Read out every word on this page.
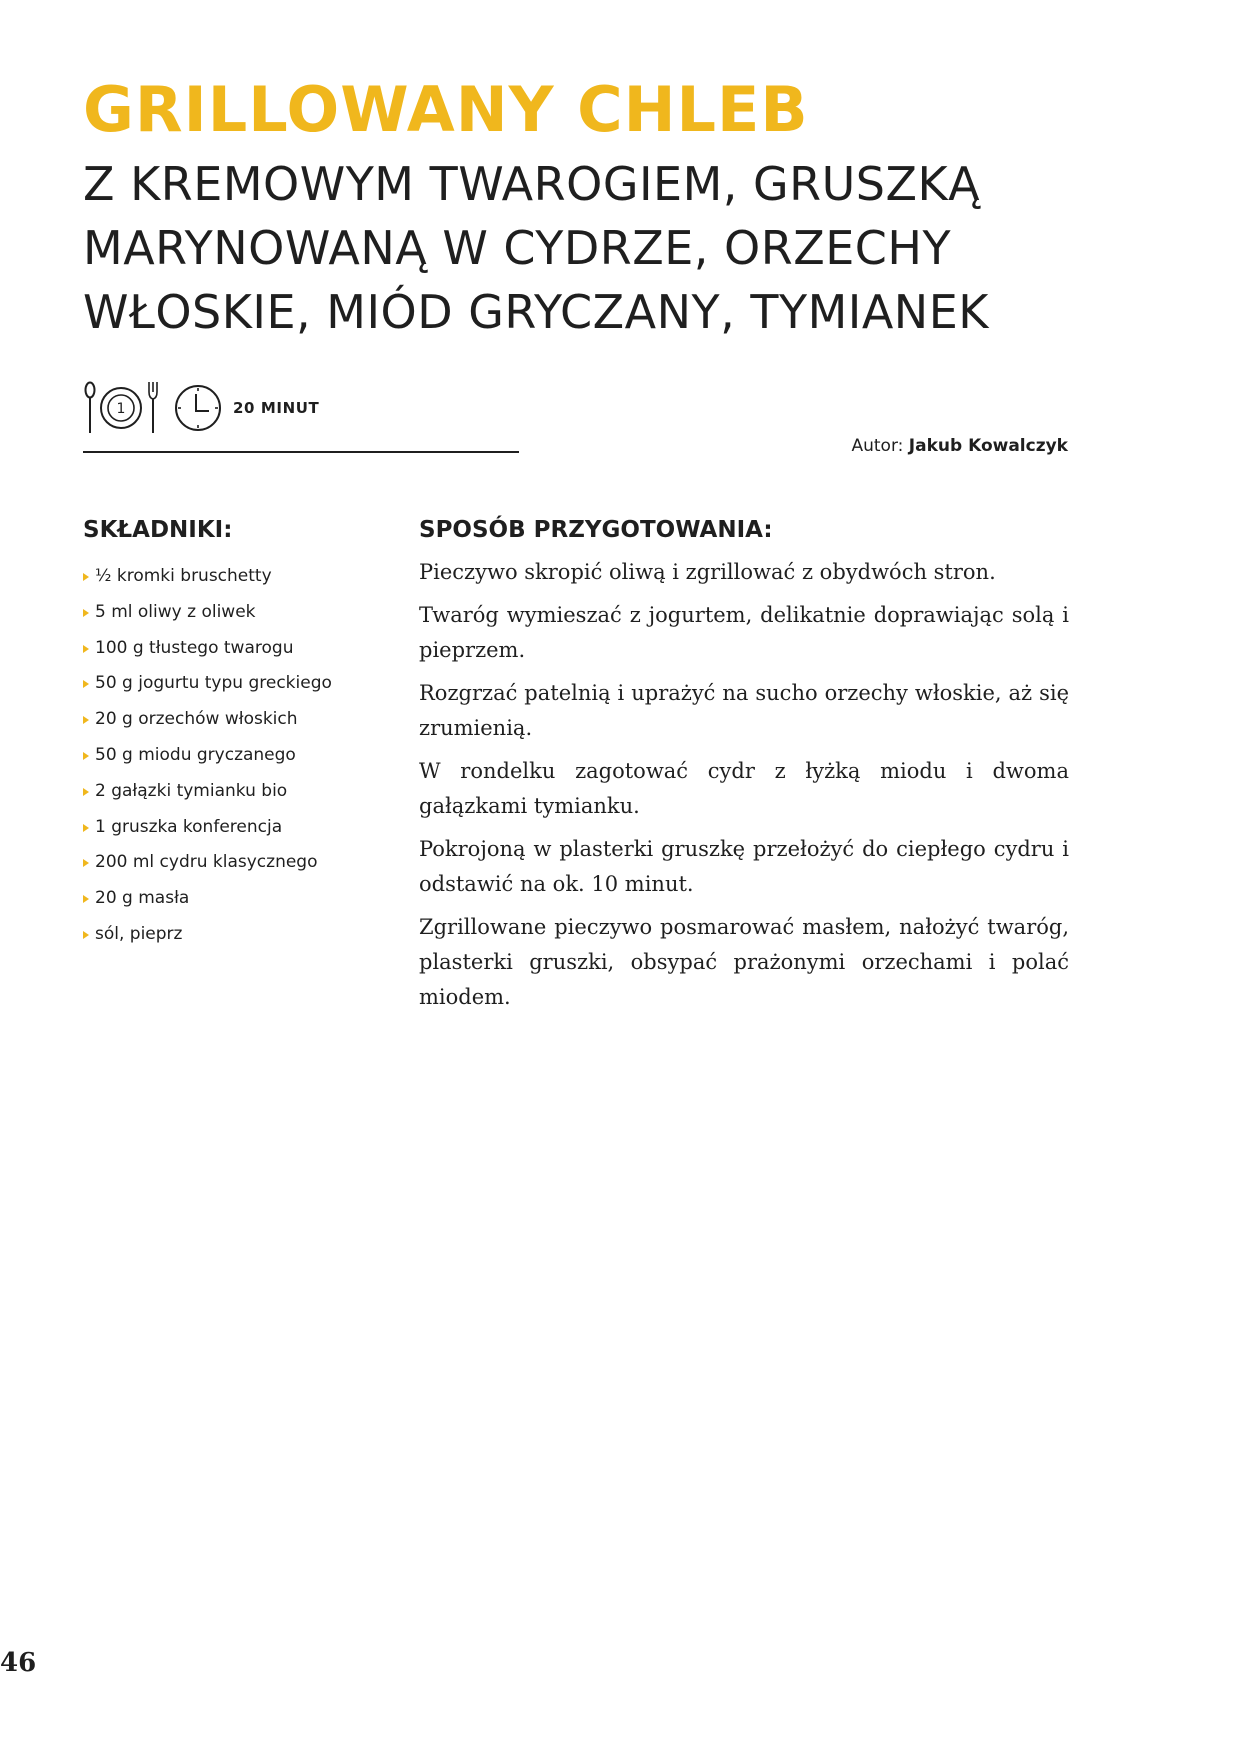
GRILLOWANY CHLEB
Z KREMOWYM TWAROGIEM, GRUSZKĄ
MARYNOWANĄ W CYDRZE, ORZECHY
WŁOSKIE, MIÓD GRYCZANY, TYMIANEK
1	20 MINUT
Autor: Jakub Kowalczyk
SKŁADNIKI:
½ kromki bruschetty
5 ml oliwy z oliwek
100 g tłustego twarogu
50 g jogurtu typu greckiego
20 g orzechów włoskich
50 g miodu gryczanego
2 gałązki tymianku bio
1 gruszka konferencja
200 ml cydru klasycznego
20 g masła
sól, pieprz
SPOSÓB PRZYGOTOWANIA:

Pieczywo skropić oliwą i zgrillować z obydwóch stron.

Twaróg wymieszać z jogurtem, delikatnie doprawiając solą i pieprzem.

Rozgrzać patelnią i uprażyć na sucho orzechy włoskie, aż się zrumienią.

W rondelku zagotować cydr z łyżką miodu i dwoma gałązkami tymianku.

Pokrojoną w plasterki gruszkę przełożyć do ciepłego cydru i odstawić na ok. 10 minut.

Zgrillowane pieczywo posmarować masłem, nałożyć twaróg, plasterki gruszki, obsypać prażonymi orzechami i polać miodem.

46
